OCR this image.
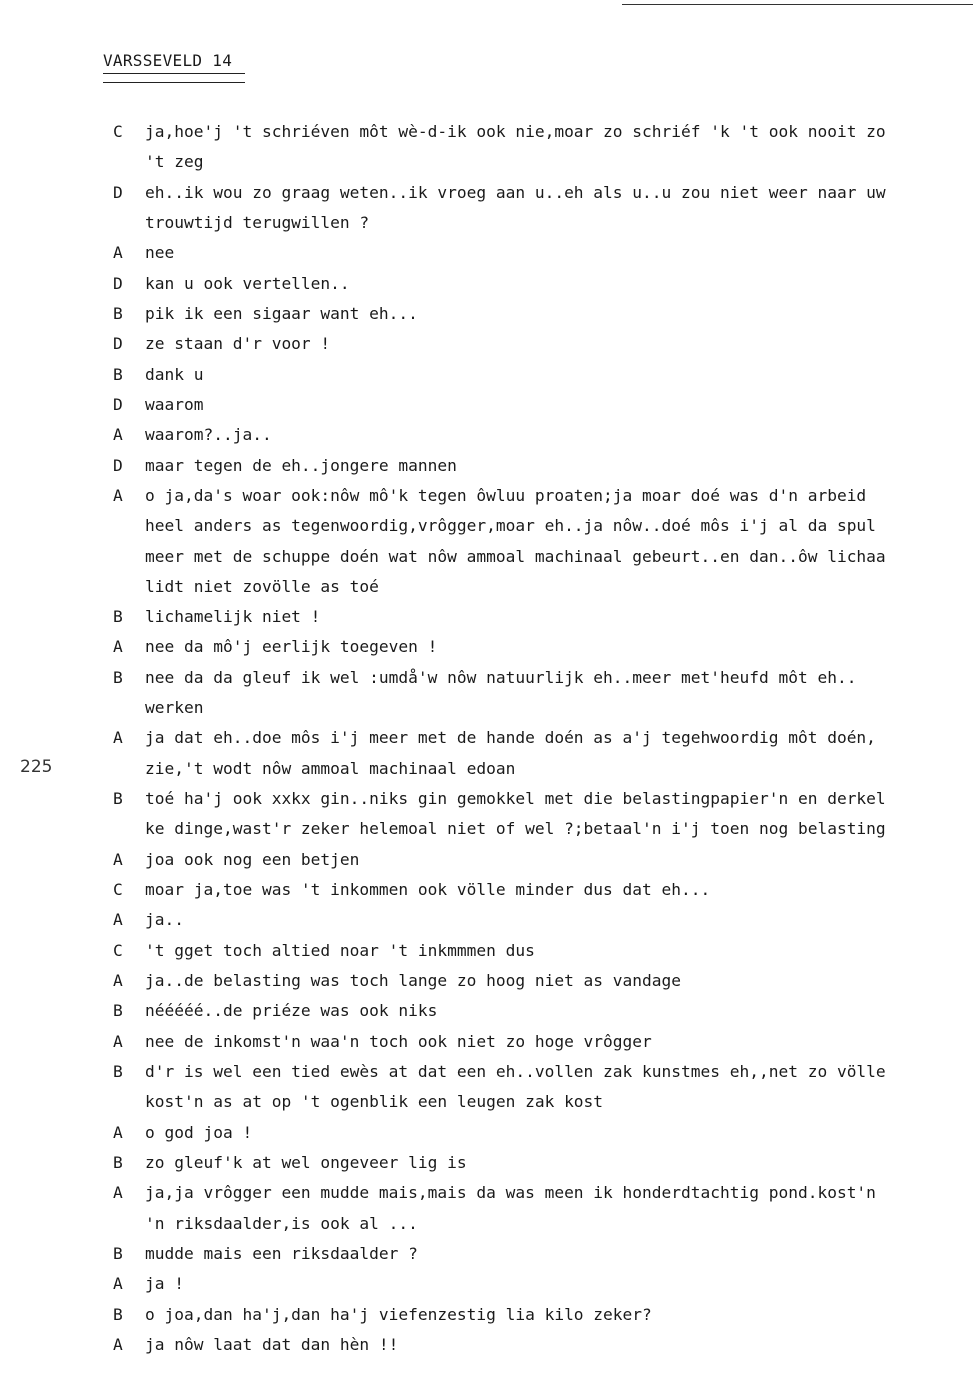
VARSSEVELD 14
225
C ja,hoe'j 't schriéven môt wè-d-ik ook nie,moar zo schriéf 'k 't ook nooit zo
't zeg
D eh..ik wou zo graag weten..ik vroeg aan u..eh als u..u zou niet weer naar uw
trouwtijd terugwillen ?
A nee
D kan u ook vertellen..
B pik ik een sigaar want eh...
D ze staan d'r voor !
B dank u
D waarom
A waarom?..ja..
D maar tegen de eh..jongere mannen
A o ja,da's woar ook:nôw mô'k tegen ôwluu proaten;ja moar doé was d'n arbeid
heel anders as tegenwoordig,vrôgger,moar eh..ja nôw..doé môs i'j al da spul
meer met de schuppe doén wat nôw ammoal machinaal gebeurt..en dan..ôw lichaa
lidt niet zovölle as toé
B lichamelijk niet !
A nee da mô'j eerlijk toegeven !
B nee da da gleuf ik wel :umdå'w nôw natuurlijk eh..meer met'heufd môt eh..
werken
A ja dat eh..doe môs i'j meer met de hande doén as a'j tegehwoordig môt doén,
zie,'t wodt nôw ammoal machinaal edoan
B toé ha'j ook xxkx gin..niks gin gemokkel met die belastingpapier'n en derkel
ke dinge,wast'r zeker helemoal niet of wel ?;betaal'n i'j toen nog belasting
A joa ook nog een betjen
C moar ja,toe was 't inkommen ook völle minder dus dat eh...
A ja..
C 't gget toch altied noar 't inkmmmen dus
A ja..de belasting was toch lange zo hoog niet as vandage
B nééééé..de priéze was ook niks
A nee de inkomst'n waa'n toch ook niet zo hoge vrôgger
B d'r is wel een tied ewès at dat een eh..vollen zak kunstmes eh,,net zo völle
kost'n as at op 't ogenblik een leugen zak kost
A o god joa !
B zo gleuf'k at wel ongeveer lig is
A ja,ja vrôgger een mudde mais,mais da was meen ik honderdtachtig pond.kost'n
'n riksdaalder,is ook al ...
B mudde mais een riksdaalder ?
A ja !
B o joa,dan ha'j,dan ha'j viefenzestig lia kilo zeker?
A ja nôw laat dat dan hèn !!
